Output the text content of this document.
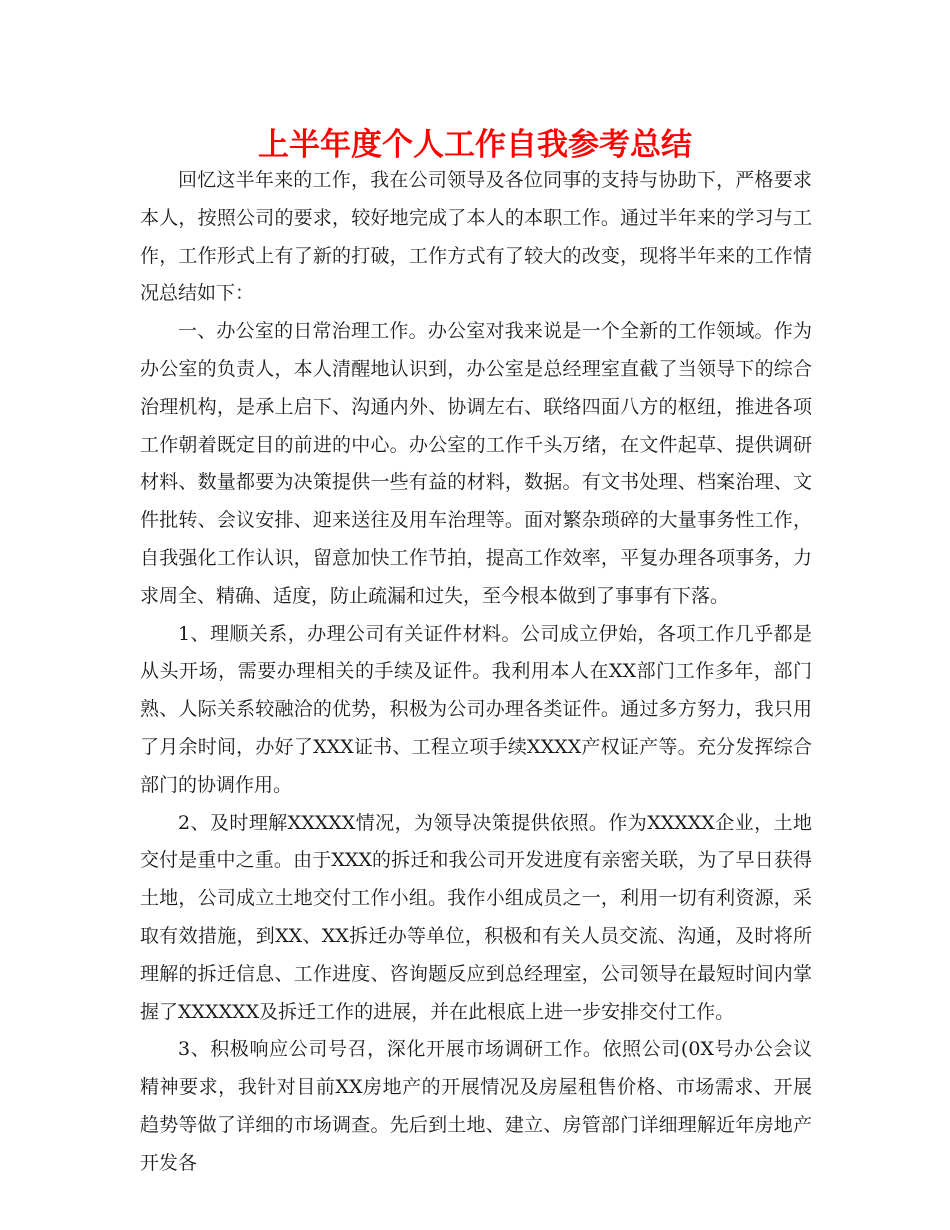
上半年度个人工作自我参考总结

回忆这半年来的工作，我在公司领导及各位同事的支持与协助下，严格要求本人，按照公司的要求，较好地完成了本人的本职工作。通过半年来的学习与工作，工作形式上有了新的打破，工作方式有了较大的改变，现将半年来的工作情况总结如下：

一、办公室的日常治理工作。办公室对我来说是一个全新的工作领域。作为办公室的负责人，本人清醒地认识到，办公室是总经理室直截了当领导下的综合治理机构，是承上启下、沟通内外、协调左右、联络四面八方的枢纽，推进各项工作朝着既定目的前进的中心。办公室的工作千头万绪，在文件起草、提供调研材料、数量都要为决策提供一些有益的材料，数据。有文书处理、档案治理、文件批转、会议安排、迎来送往及用车治理等。面对繁杂琐碎的大量事务性工作，自我强化工作认识，留意加快工作节拍，提高工作效率，平复办理各项事务，力求周全、精确、适度，防止疏漏和过失，至今根本做到了事事有下落。

1、理顺关系，办理公司有关证件材料。公司成立伊始，各项工作几乎都是从头开场，需要办理相关的手续及证件。我利用本人在XX部门工作多年，部门熟、人际关系较融洽的优势，积极为公司办理各类证件。通过多方努力，我只用了月余时间，办好了XXX证书、工程立项手续XXXX产权证产等。充分发挥综合部门的协调作用。

2、及时理解XXXXX情况，为领导决策提供依照。作为XXXXX企业，土地交付是重中之重。由于XXX的拆迁和我公司开发进度有亲密关联，为了早日获得土地，公司成立土地交付工作小组。我作小组成员之一，利用一切有利资源，采取有效措施，到XX、XX拆迁办等单位，积极和有关人员交流、沟通，及时将所理解的拆迁信息、工作进度、咨询题反应到总经理室，公司领导在最短时间内掌握了XXXXXX及拆迁工作的进展，并在此根底上进一步安排交付工作。

3、积极响应公司号召，深化开展市场调研工作。依照公司(0X号办公会议精神要求，我针对目前XX房地产的开展情况及房屋租售价格、市场需求、开展趋势等做了详细的市场调查。先后到土地、建立、房管部门详细理解近年房地产开发各
